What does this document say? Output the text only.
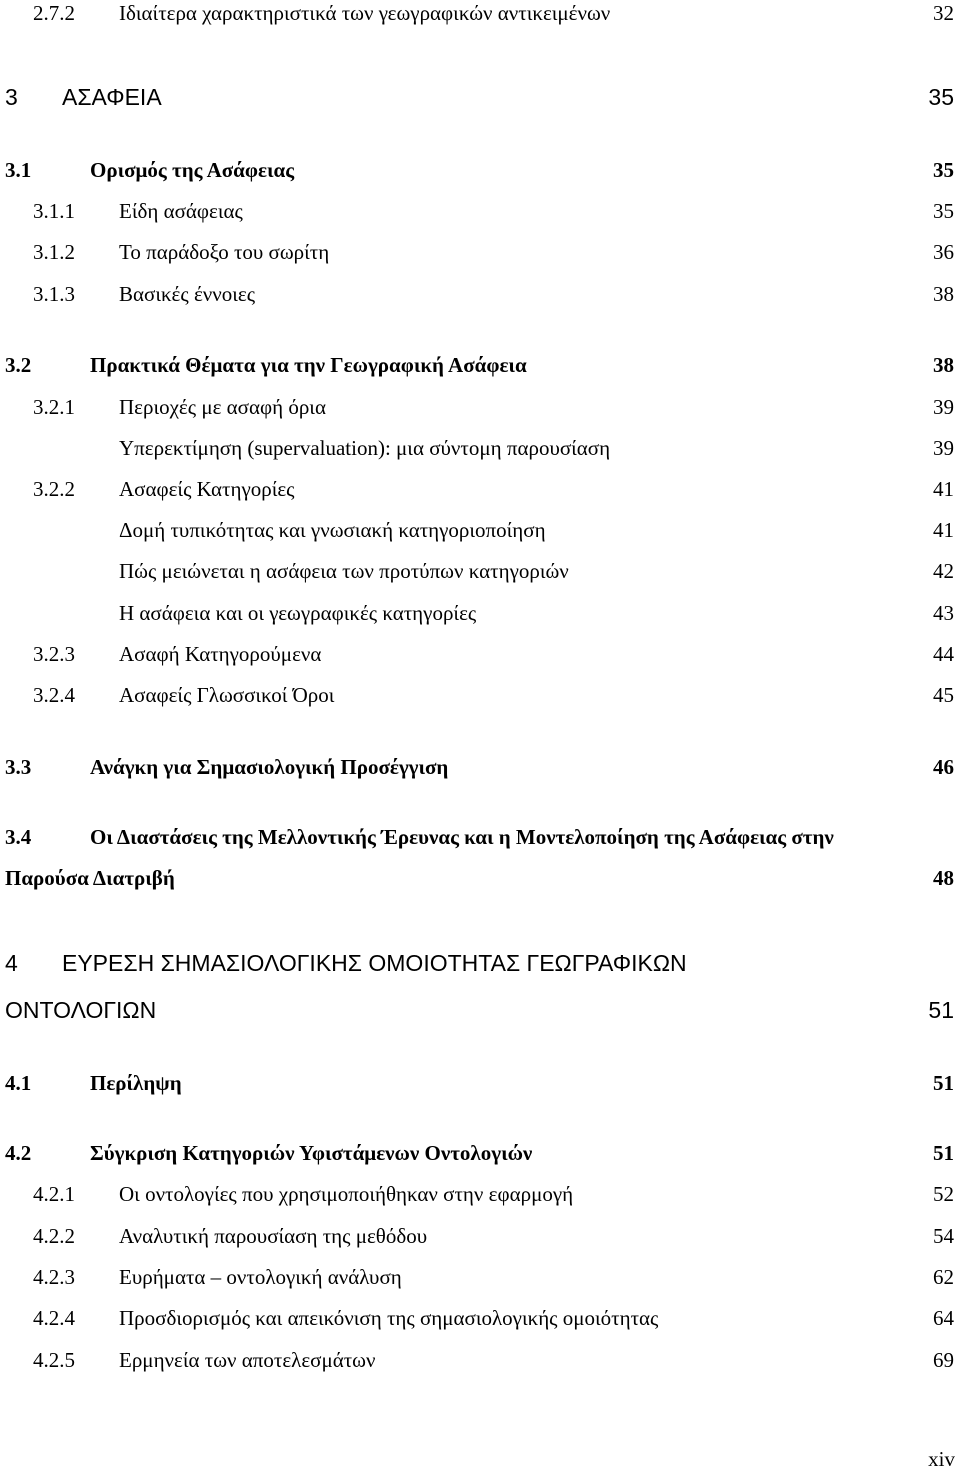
2.7.2 Ιδιαίτερα χαρακτηριστικά των γεωγραφικών αντικειμένων	32
3 ΑΣΑΦΕΙΑ	35
3.1	Ορισμός της Ασάφειας	35
3.1.1 Είδη ασάφειας	35
3.1.2 Το παράδοξο του σωρίτη	36
3.1.3 Βασικές έννοιες	38
3.2	Πρακτικά Θέματα για την Γεωγραφική Ασάφεια	38
3.2.1 Περιοχές με ασαφή όρια	39
Υπερεκτίμηση (supervaluation): μια σύντομη παρουσίαση	39
3.2.2 Ασαφείς Κατηγορίες	41
Δομή τυπικότητας και γνωσιακή κατηγοριοποίηση	41
Πώς μειώνεται η ασάφεια των προτύπων κατηγοριών	42
Η ασάφεια και οι γεωγραφικές κατηγορίες	43
3.2.3 Ασαφή Κατηγορούμενα	44
3.2.4 Ασαφείς Γλωσσικοί Όροι	45
3.3	Ανάγκη για Σημασιολογική Προσέγγιση	46
3.4	Οι Διαστάσεις της Μελλοντικής Έρευνας και η Μοντελοποίηση της Ασάφειας στην
Παρούσα Διατριβή	48
4 ΕΥΡΕΣΗ ΣΗΜΑΣΙΟΛΟΓΙΚΗΣ ΟΜΟΙΟΤΗΤΑΣ ΓΕΩΓΡΑΦΙΚΩΝ
ΟΝΤΟΛΟΓΙΩΝ	51
4.1	Περίληψη	51
4.2	Σύγκριση Κατηγοριών Υφιστάμενων Οντολογιών	51
4.2.1 Οι οντολογίες που χρησιμοποιήθηκαν στην εφαρμογή	52
4.2.2 Αναλυτική παρουσίαση της μεθόδου	54
4.2.3 Ευρήματα – οντολογική ανάλυση	62
4.2.4 Προσδιορισμός και απεικόνιση της σημασιολογικής ομοιότητας	64
4.2.5 Ερμηνεία των αποτελεσμάτων	69
xiv
